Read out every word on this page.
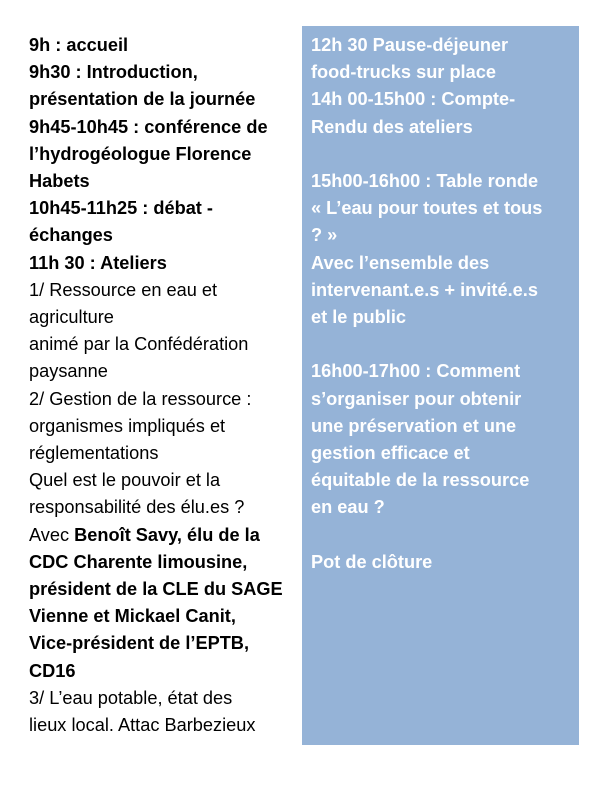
9h : accueil
9h30 : Introduction,
présentation de la journée
9h45-10h45 : conférence de
l’hydrogéologue Florence
Habets
10h45-11h25 : débat -
échanges
11h 30 : Ateliers
1/ Ressource en eau et
agriculture
animé par la Confédération
paysanne
2/ Gestion de la ressource :
organismes impliqués et
réglementations
Quel est le pouvoir et la
responsabilité des élu.es ?
Avec Benoît Savy, élu de la
CDC Charente limousine,
président de la CLE du SAGE
Vienne et Mickael Canit,
Vice-président de l’EPTB,
CD16
3/ L’eau potable, état des
lieux local. Attac Barbezieux
12h 30 Pause-déjeuner
food-trucks sur place
14h 00-15h00 : Compte-
Rendu des ateliers
15h00-16h00 : Table ronde
« L’eau pour toutes et tous
? »
Avec l’ensemble des
intervenant.e.s + invité.e.s
et le public
16h00-17h00 : Comment
s’organiser pour obtenir
une préservation et une
gestion efficace et
équitable de la ressource
en eau ?
Pot de clôture
